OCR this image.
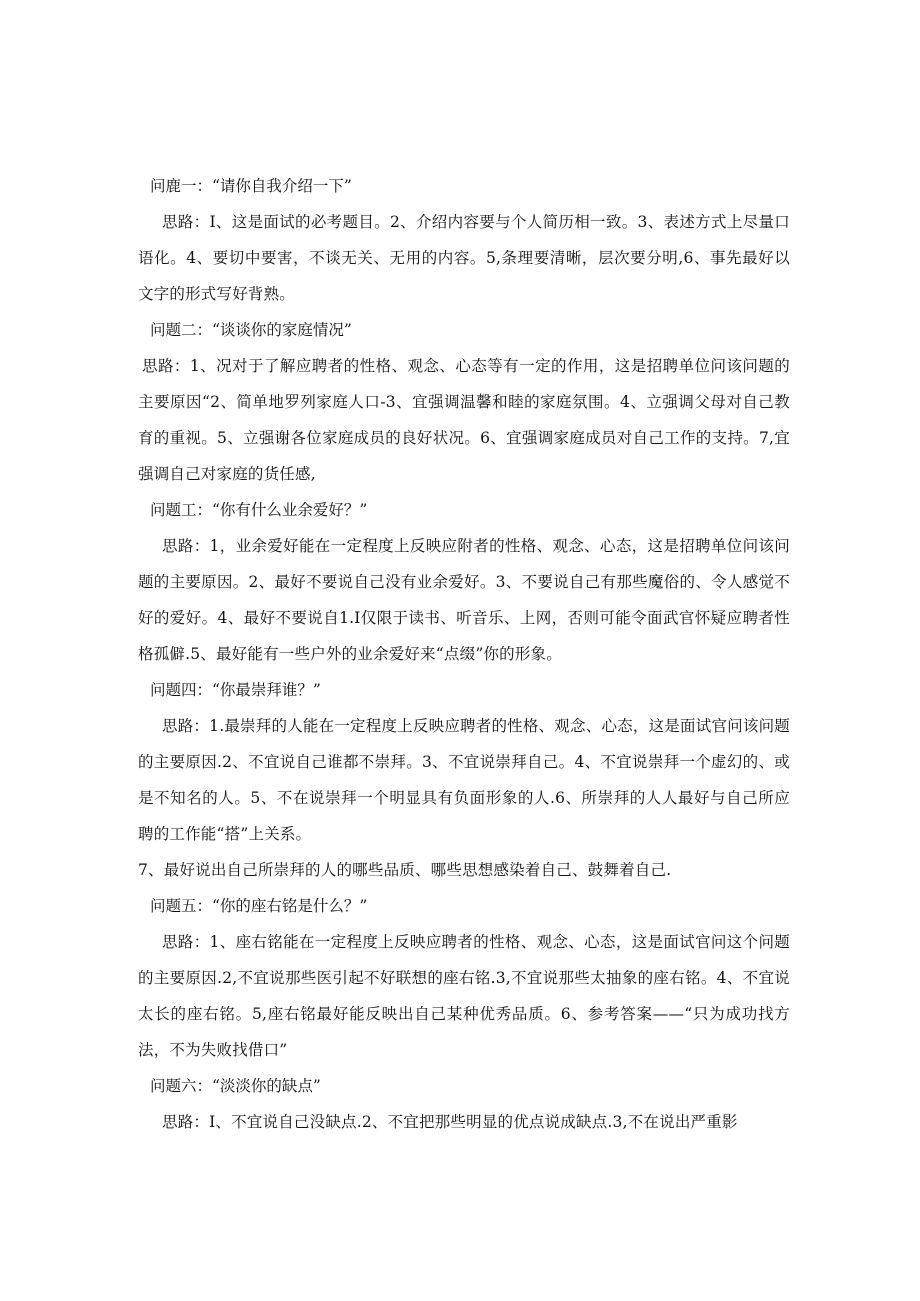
问鹿一：“请你自我介绍一下”

思路：I、这是面试的必考题目。2、介绍内容要与个人简历相一致。3、表述方式上尽量口语化。4、要切中要害，不谈无关、无用的内容。5,条理要清晰，层次要分明,6、事先最好以文字的形式写好背熟。

问题二：“谈谈你的家庭情况”

思路：1、况对于了解应聘者的性格、观念、心态等有一定的作用，这是招聘单位问该问题的主要原因“2、简单地罗列家庭人口-3、宜强调温馨和睦的家庭氛围。4、立强调父母对自己教育的重视。5、立强谢各位家庭成员的良好状况。6、宜强调家庭成员对自己工作的支持。7,宜强调自己对家庭的货任感,

问题工：“你有什么业余爱好？”

思路：1，业余爱好能在一定程度上反映应附者的性格、观念、心态，这是招聘单位问该问题的主要原因。2、最好不要说自己没有业余爱好。3、不要说自己有那些魔俗的、令人感觉不好的爱好。4、最好不要说自1.I仅限于读书、听音乐、上网，否则可能令面武官怀疑应聘者性格孤僻.5、最好能有一些户外的业余爱好来“点缀”你的形象。

问题四：“你最崇拜谁？”

思路：1.最崇拜的人能在一定程度上反映应聘者的性格、观念、心态，这是面试官问该问题的主要原因.2、不宜说自己谁都不崇拜。3、不宜说崇拜自己。4、不宜说崇拜一个虚幻的、或是不知名的人。5、不在说崇拜一个明显具有负面形象的人.6、所崇拜的人人最好与自己所应聘的工作能“搭”上关系。

7、最好说出自己所崇拜的人的哪些品质、哪些思想感染着自己、鼓舞着自己.

问题五：“你的座右铭是什么？”

思路：1、座右铭能在一定程度上反映应聘者的性格、观念、心态，这是面试官问这个问题的主要原因.2,不宜说那些医引起不好联想的座右铭.3,不宜说那些太抽象的座右铭。4、不宜说太长的座右铭。5,座右铭最好能反映出自己某种优秀品质。6、参考答案——“只为成功找方法，不为失败找借口”

问题六：“淡淡你的缺点”

思路：I、不宜说自己没缺点.2、不宜把那些明显的优点说成缺点.3,不在说出严重影
